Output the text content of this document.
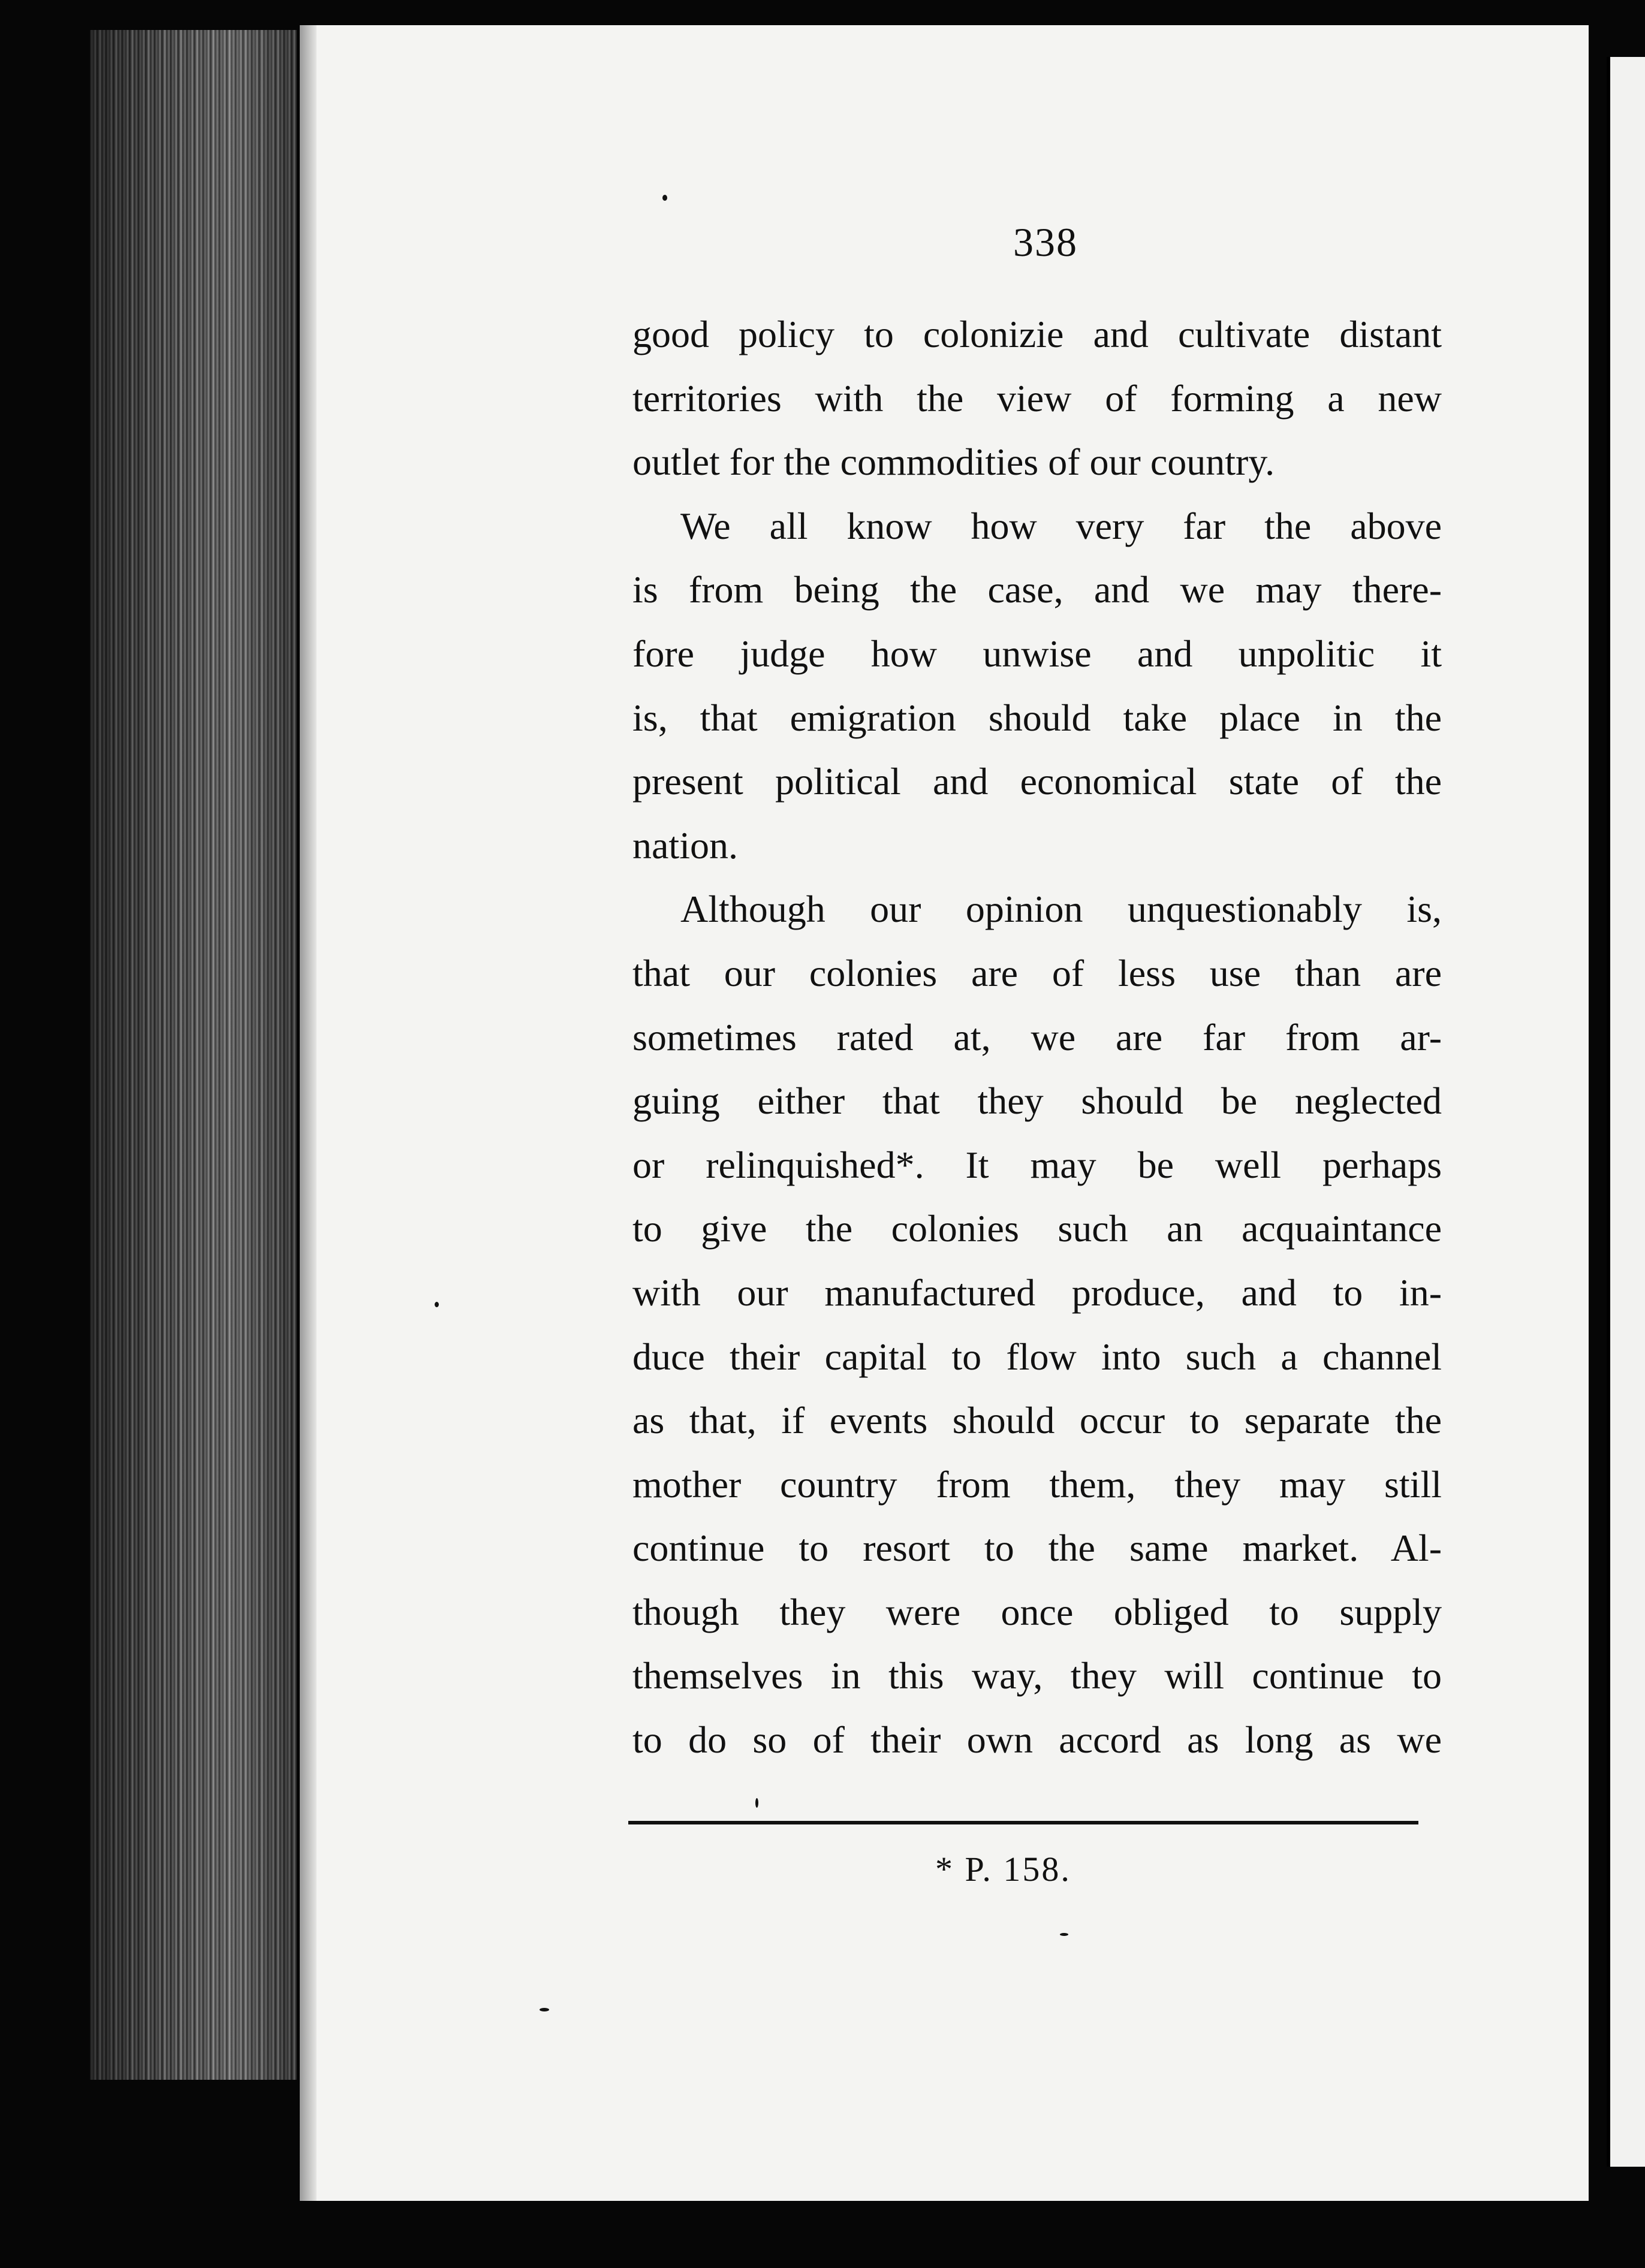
338
good policy to colonizie and cultivate distant
territories with the view of forming a new
outlet for the commodities of our country.
We all know how very far the above
is from being the case, and we may there-
fore judge how unwise and unpolitic it
is, that emigration should take place in the
present political and economical state of the
nation.
Although our opinion unquestionably is,
that our colonies are of less use than are
sometimes rated at, we are far from ar-
guing either that they should be neglected
or relinquished*. It may be well perhaps
to give the colonies such an acquaintance
with our manufactured produce, and to in-
duce their capital to flow into such a channel
as that, if events should occur to separate the
mother country from them, they may still
continue to resort to the same market. Al-
though they were once obliged to supply
themselves in this way, they will continue to
to do so of their own accord as long as we
* P. 158.
